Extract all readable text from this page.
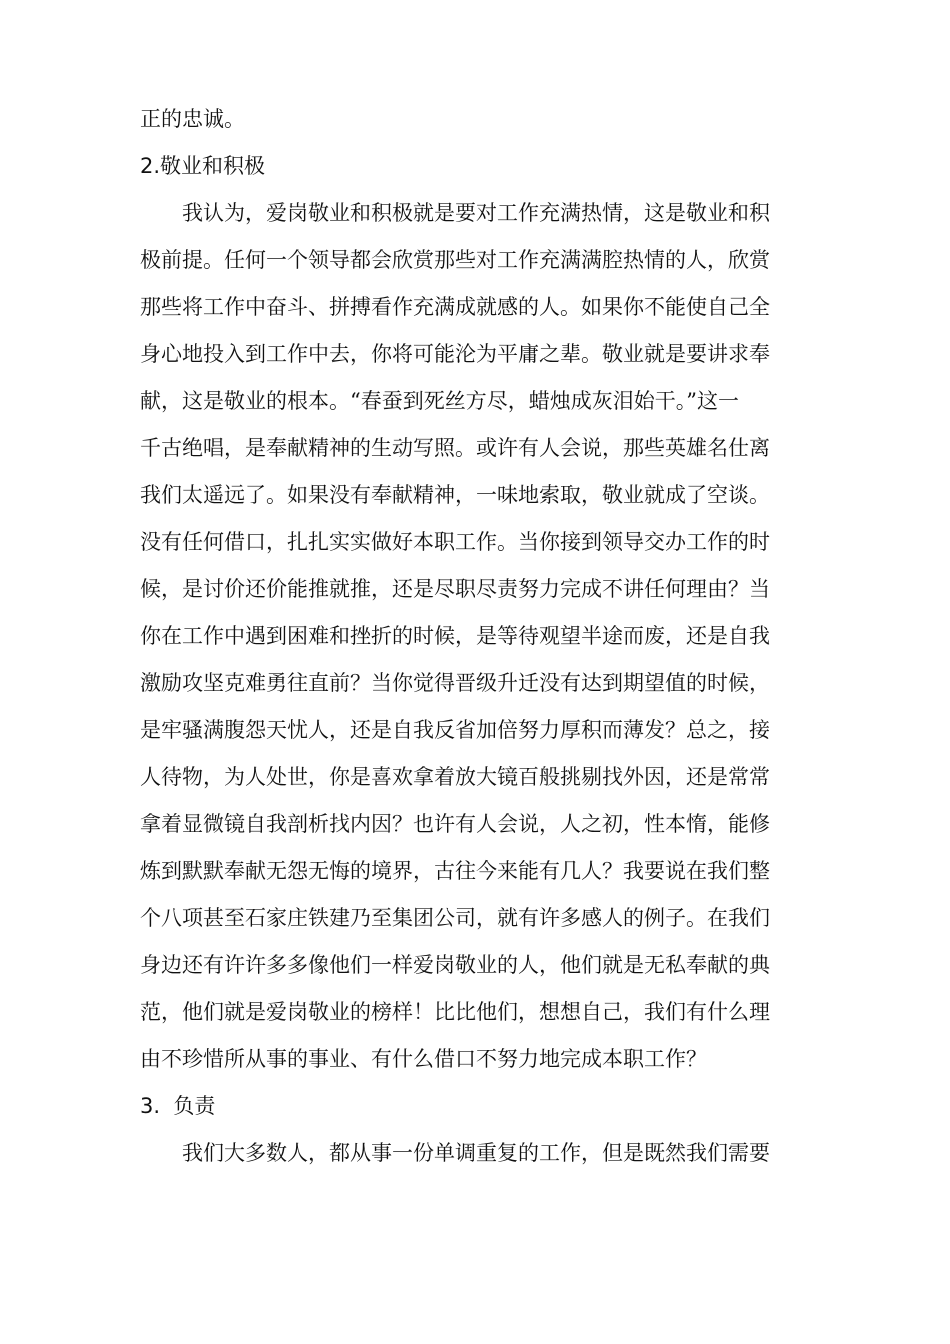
正的忠诚。
2.敬业和积极
我认为，爱岗敬业和积极就是要对工作充满热情，这是敬业和积
极前提。任何一个领导都会欣赏那些对工作充满满腔热情的人，欣赏
那些将工作中奋斗、拼搏看作充满成就感的人。如果你不能使自己全
身心地投入到工作中去，你将可能沦为平庸之辈。敬业就是要讲求奉
献，这是敬业的根本。“春蚕到死丝方尽，蜡烛成灰泪始干。”这一
千古绝唱，是奉献精神的生动写照。或许有人会说，那些英雄名仕离
我们太遥远了。如果没有奉献精神，一味地索取，敬业就成了空谈。
没有任何借口，扎扎实实做好本职工作。当你接到领导交办工作的时
候，是讨价还价能推就推，还是尽职尽责努力完成不讲任何理由？当
你在工作中遇到困难和挫折的时候，是等待观望半途而废，还是自我
激励攻坚克难勇往直前？当你觉得晋级升迁没有达到期望值的时候，
是牢骚满腹怨天忧人，还是自我反省加倍努力厚积而薄发？总之，接
人待物，为人处世，你是喜欢拿着放大镜百般挑剔找外因，还是常常
拿着显微镜自我剖析找内因？也许有人会说，人之初，性本惰，能修
炼到默默奉献无怨无悔的境界，古往今来能有几人？我要说在我们整
个八项甚至石家庄铁建乃至集团公司，就有许多感人的例子。在我们
身边还有许许多多像他们一样爱岗敬业的人，他们就是无私奉献的典
范，他们就是爱岗敬业的榜样！比比他们，想想自己，我们有什么理
由不珍惜所从事的事业、有什么借口不努力地完成本职工作？
3.  负责
我们大多数人，都从事一份单调重复的工作，但是既然我们需要
